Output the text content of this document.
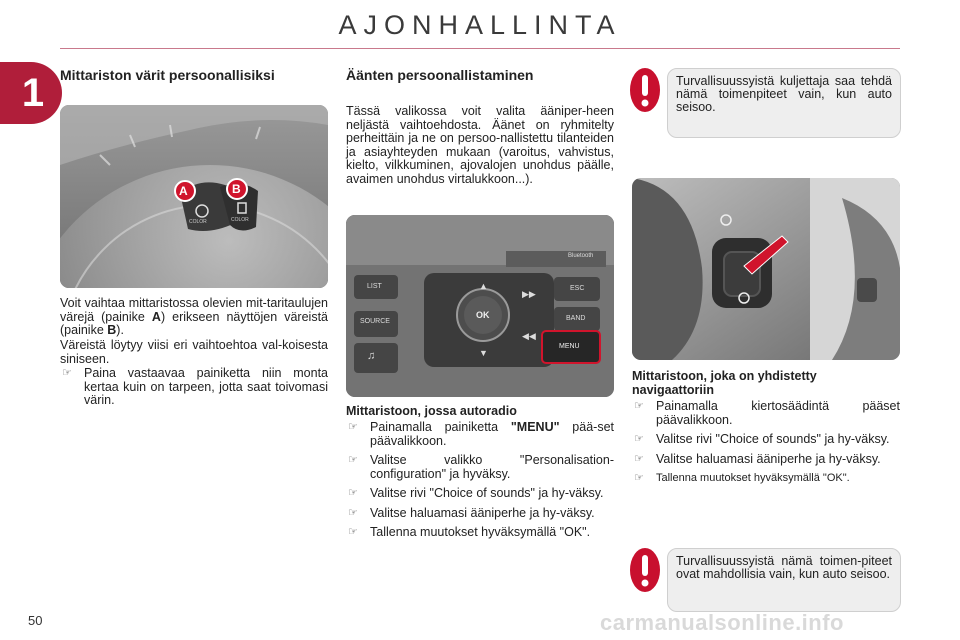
AJONHALLINTA
1	Mittariston värit persoonallisiksi
A	B
COLOR	COLOR
Voit vaihtaa mittaristossa olevien mit-taritaulujen värejä (painike A) erikseen näyttöjen väreistä (painike B).
Väreistä löytyy viisi eri vaihtoehtoa val-koisesta siniseen.
☞ Paina vastaavaa painiketta niin monta kertaa kuin on tarpeen, jotta saat toivomasi värin.
Äänten persoonallistaminen
Tässä valikossa voit valita ääniper-heen neljästä vaihtoehdosta. Äänet on ryhmitelty perheittäin ja ne on persoo-nallistettu tilanteiden ja asiayhteyden mukaan (varoitus, vahvistus, kielto, vilkkuminen, ajovalojen unohdus päälle, avaimen unohdus virtalukkoon...).
Bluetooth
LIST
SOURCE
♫
OK
▲
▼
▶▶
◀◀
ESC
BAND
MENU
Mittaristoon, jossa autoradio
☞ Painamalla painiketta "MENU" pää-set päävalikkoon.
☞ Valitse valikko "Personalisation-configuration" ja hyväksy.
☞ Valitse rivi "Choice of sounds" ja hy-väksy.
☞ Valitse haluamasi ääniperhe ja hy-väksy.
☞ Tallenna muutokset hyväksymällä "OK".
Turvallisuussyistä kuljettaja saa tehdä nämä toimenpiteet vain, kun auto seisoo.
Mittaristoon, joka on yhdistetty navigaattoriin
☞ Painamalla kiertosäädintä pääset päävalikkoon.
☞ Valitse rivi "Choice of sounds" ja hy-väksy.
☞ Valitse haluamasi ääniperhe ja hy-väksy.
☞ Tallenna muutokset hyväksymällä "OK".
Turvallisuussyistä nämä toimen-piteet ovat mahdollisia vain, kun auto seisoo.
50	carmanualsonline.info
